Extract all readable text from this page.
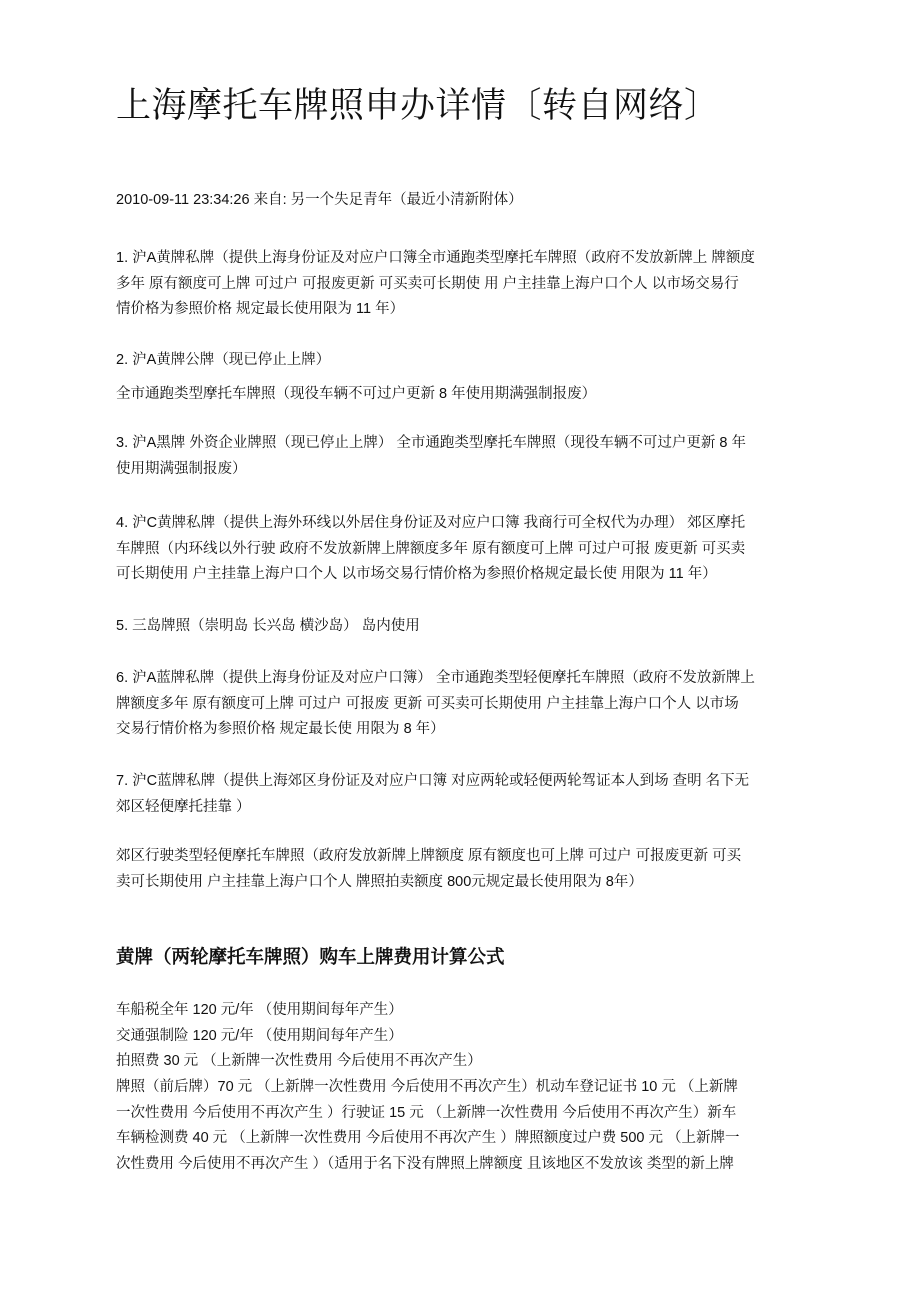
上海摩托车牌照申办详情〔转自网络〕
2010-09-11 23:34:26 来自: 另一个失足青年（最近小清新附体）
1. 沪A黄牌私牌（提供上海身份证及对应户口簿全市通跑类型摩托车牌照（政府不发放新牌上 牌额度
多年 原有额度可上牌 可过户 可报废更新 可买卖可长期使 用 户主挂靠上海户口个人 以市场交易行
情价格为参照价格 规定最长使用限为 11 年）
2. 沪A黄牌公牌（现已停止上牌）
全市通跑类型摩托车牌照（现役车辆不可过户更新 8 年使用期满强制报废）
3. 沪A黑牌 外资企业牌照（现已停止上牌） 全市通跑类型摩托车牌照（现役车辆不可过户更新 8 年
使用期满强制报废）
4. 沪C黄牌私牌（提供上海外环线以外居住身份证及对应户口簿 我商行可全权代为办理） 郊区摩托
车牌照（内环线以外行驶 政府不发放新牌上牌额度多年 原有额度可上牌 可过户可报 废更新 可买卖
可长期使用 户主挂靠上海户口个人 以市场交易行情价格为参照价格规定最长使 用限为 11 年）
5. 三岛牌照（崇明岛 长兴岛 横沙岛） 岛内使用
6. 沪A蓝牌私牌（提供上海身份证及对应户口簿） 全市通跑类型轻便摩托车牌照（政府不发放新牌上
牌额度多年 原有额度可上牌 可过户 可报废 更新 可买卖可长期使用 户主挂靠上海户口个人 以市场
交易行情价格为参照价格 规定最长使 用限为 8 年）
7. 沪C蓝牌私牌（提供上海郊区身份证及对应户口簿 对应两轮或轻便两轮驾证本人到场 查明 名下无
郊区轻便摩托挂靠 ）
郊区行驶类型轻便摩托车牌照（政府发放新牌上牌额度 原有额度也可上牌 可过户 可报废更新 可买
卖可长期使用 户主挂靠上海户口个人 牌照拍卖额度 800元规定最长使用限为 8年）
黄牌（两轮摩托车牌照）购车上牌费用计算公式
车船税全年 120 元/年 （使用期间每年产生）
交通强制险 120 元/年 （使用期间每年产生）
拍照费 30 元 （上新牌一次性费用 今后使用不再次产生）
牌照（前后牌）70 元 （上新牌一次性费用 今后使用不再次产生）机动车登记证书 10 元 （上新牌
一次性费用 今后使用不再次产生 ）行驶证 15 元 （上新牌一次性费用 今后使用不再次产生）新车
车辆检测费 40 元 （上新牌一次性费用 今后使用不再次产生 ）牌照额度过户费 500 元 （上新牌一
次性费用 今后使用不再次产生 ）（适用于名下没有牌照上牌额度 且该地区不发放该 类型的新上牌
